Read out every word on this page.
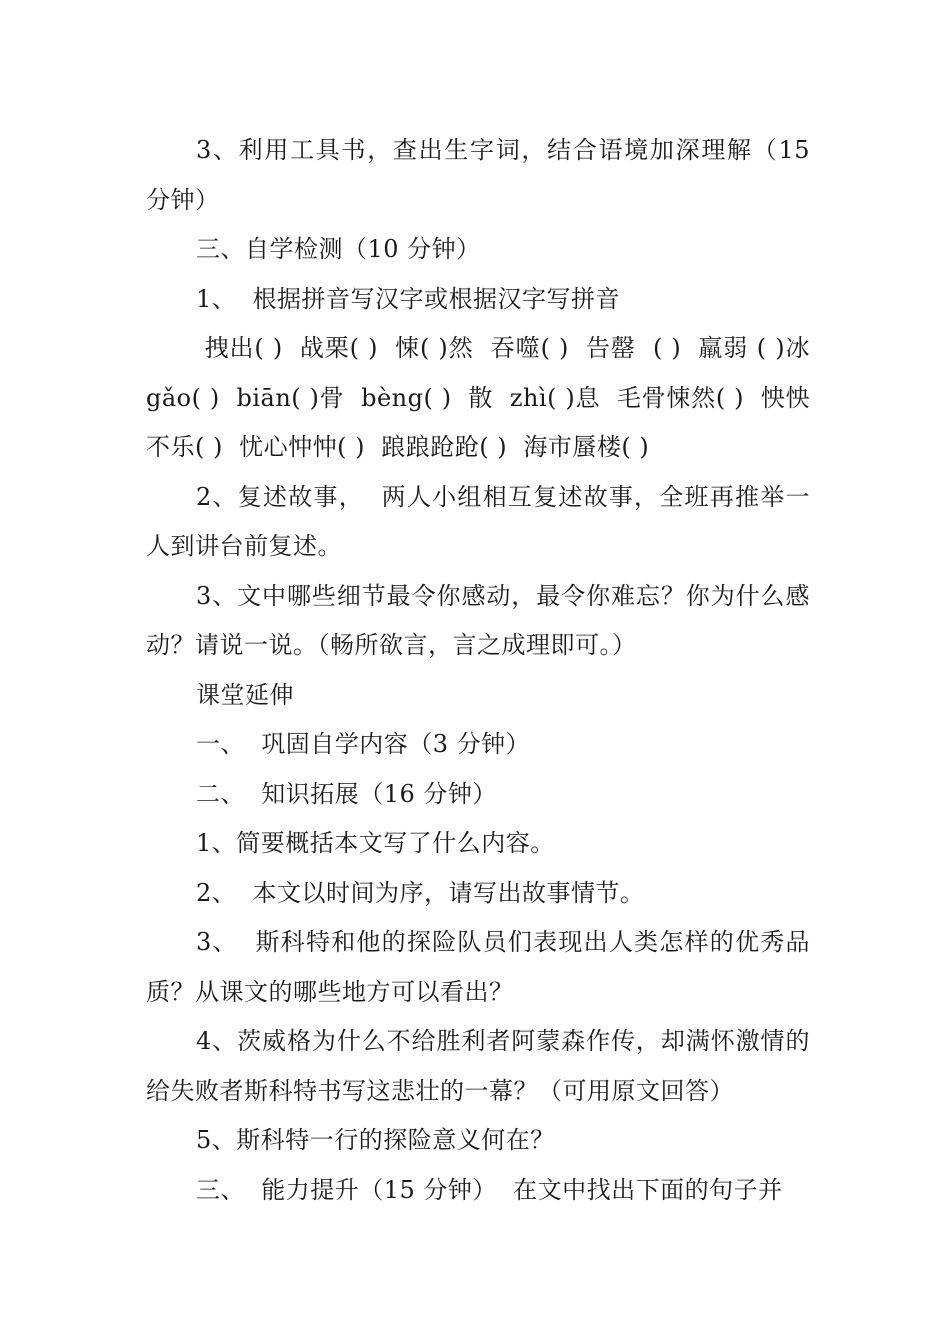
3、利用工具书，查出生字词，结合语境加深理解（15 分钟）

三、自学检测（10 分钟）

1、  根据拼音写汉字或根据汉字写拼音

拽出( )  战栗( )  悚( )然  吞噬( )  告罄  ( )  羸弱 ( )冰 gǎo( )  biān( )骨  bèng( )  散  zhì( )息  毛骨悚然( )  怏怏不乐( )  忧心忡忡( )  踉踉跄跄( )  海市蜃楼( )

2、复述故事，  两人小组相互复述故事，全班再推举一人到讲台前复述。

3、文中哪些细节最令你感动，最令你难忘？你为什么感动？请说一说。（畅所欲言，言之成理即可。）

课堂延伸

一、  巩固自学内容（3 分钟）

二、  知识拓展（16 分钟）

1、简要概括本文写了什么内容。

2、  本文以时间为序，请写出故事情节。

3、  斯科特和他的探险队员们表现出人类怎样的优秀品质？从课文的哪些地方可以看出？

4、茨威格为什么不给胜利者阿蒙森作传，却满怀激情的给失败者斯科特书写这悲壮的一幕？（可用原文回答）

5、斯科特一行的探险意义何在？

三、  能力提升（15 分钟）  在文中找出下面的句子并
